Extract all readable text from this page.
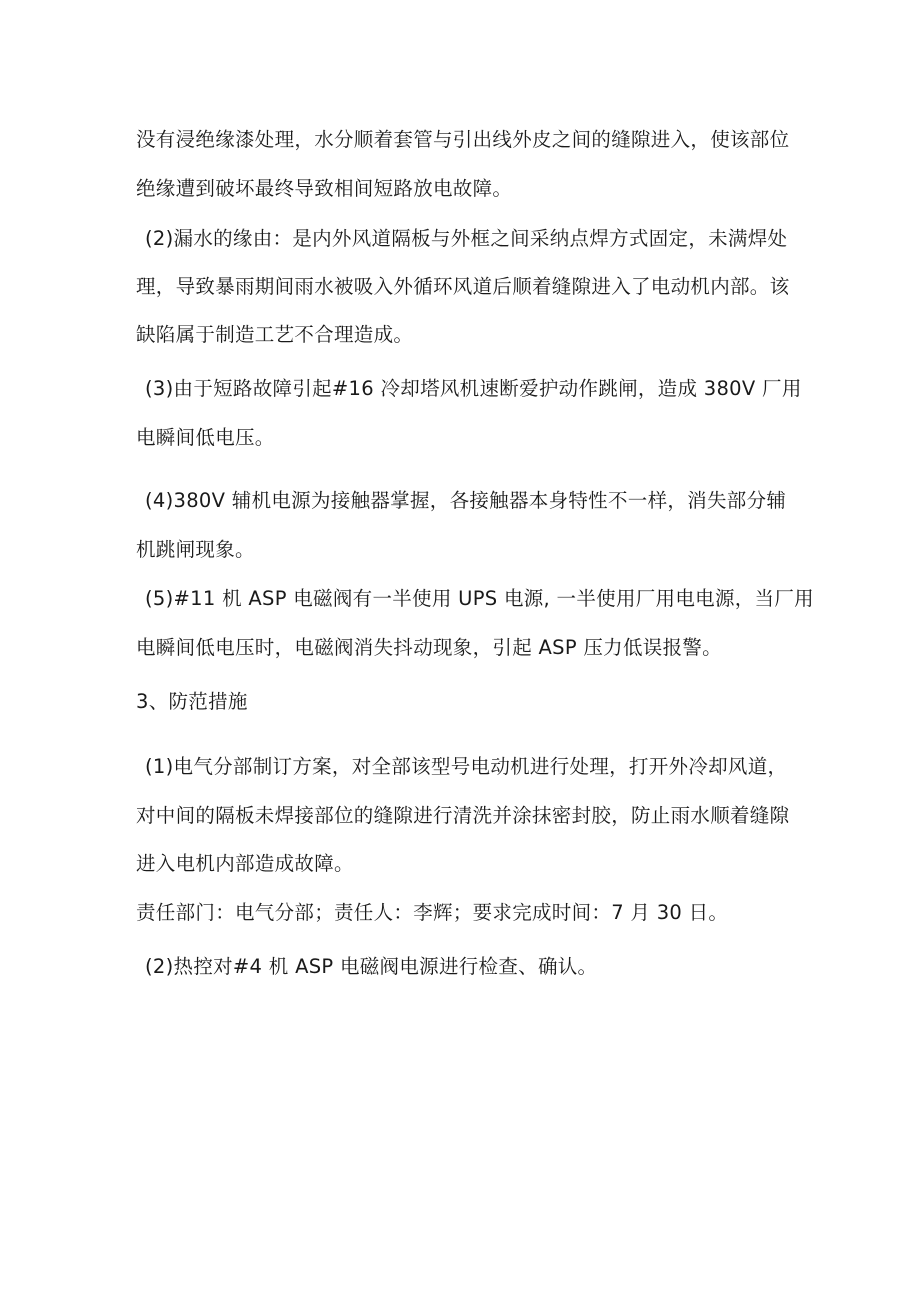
没有浸绝缘漆处理，水分顺着套管与引出线外皮之间的缝隙进入，使该部位
绝缘遭到破坏最终导致相间短路放电故障。
(2)漏水的缘由：是内外风道隔板与外框之间采纳点焊方式固定，未满焊处
理，导致暴雨期间雨水被吸入外循环风道后顺着缝隙进入了电动机内部。该
缺陷属于制造工艺不合理造成。
(3)由于短路故障引起#16 冷却塔风机速断爱护动作跳闸，造成 380V 厂用
电瞬间低电压。
(4)380V 辅机电源为接触器掌握，各接触器本身特性不一样，消失部分辅
机跳闸现象。
(5)#11 机 ASP 电磁阀有一半使用 UPS 电源, 一半使用厂用电电源，当厂用
电瞬间低电压时，电磁阀消失抖动现象，引起 ASP 压力低误报警。
3、防范措施
(1)电气分部制订方案，对全部该型号电动机进行处理，打开外冷却风道，
对中间的隔板未焊接部位的缝隙进行清洗并涂抹密封胶，防止雨水顺着缝隙
进入电机内部造成故障。
责任部门：电气分部；责任人：李辉；要求完成时间：7 月 30 日。
(2)热控对#4 机 ASP 电磁阀电源进行检查、确认。
